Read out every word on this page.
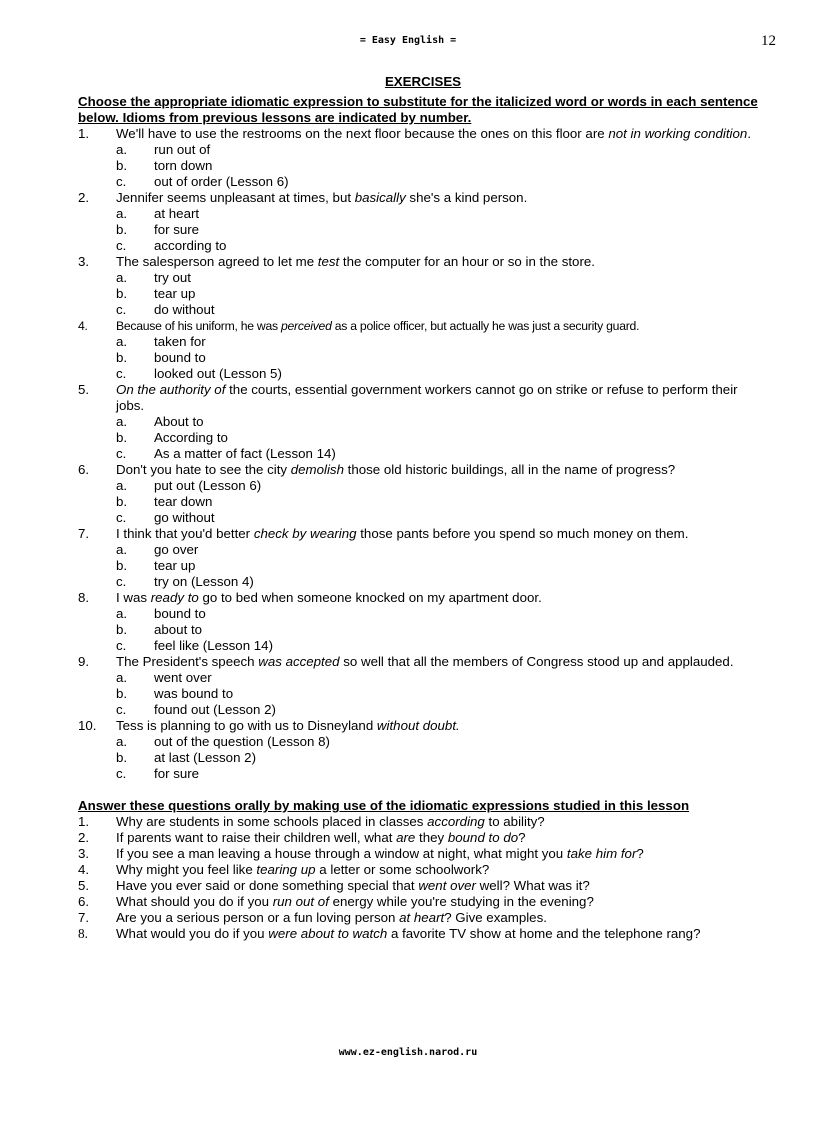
= Easy English =	12
EXERCISES
Choose the appropriate idiomatic expression to substitute for the italicized word or words in each sentence below. Idioms from previous lessons are indicated by number.
1.	We'll have to use the restrooms on the next floor because the ones on this floor are not in working condition.
a. run out of
b. torn down
c. out of order (Lesson 6)
2.	Jennifer seems unpleasant at times, but basically she's a kind person.
a. at heart
b. for sure
c. according to
3.	The salesperson agreed to let me test the computer for an hour or so in the store.
a. try out
b. tear up
c. do without
4.	Because of his uniform, he was perceived as a police officer, but actually he was just a security guard.
a. taken for
b. bound to
c. looked out (Lesson 5)
5.	On the authority of the courts, essential government workers cannot go on strike or refuse to perform their jobs.
a. About to
b. According to
c. As a matter of fact (Lesson 14)
6.	Don't you hate to see the city demolish those old historic buildings, all in the name of progress?
a. put out (Lesson 6)
b. tear down
c. go without
7.	I think that you'd better check by wearing those pants before you spend so much money on them.
a. go over
b. tear up
c. try on (Lesson 4)
8.	I was ready to go to bed when someone knocked on my apartment door.
a. bound to
b. about to
c. feel like (Lesson 14)
9.	The President's speech was accepted so well that all the members of Congress stood up and applauded.
a. went over
b. was bound to
c. found out (Lesson 2)
10.	Tess is planning to go with us to Disneyland without doubt.
a. out of the question (Lesson 8)
b. at last (Lesson 2)
c. for sure
Answer these questions orally by making use of the idiomatic expressions studied in this lesson
1.	Why are students in some schools placed in classes according to ability?
2.	If parents want to raise their children well, what are they bound to do?
3.	If you see a man leaving a house through a window at night, what might you take him for?
4.	Why might you feel like tearing up a letter or some schoolwork?
5.	Have you ever said or done something special that went over well? What was it?
6.	What should you do if you run out of energy while you're studying in the evening?
7.	Are you a serious person or a fun loving person at heart? Give examples.
8.	What would you do if you were about to watch a favorite TV show at home and the telephone rang?
www.ez-english.narod.ru
